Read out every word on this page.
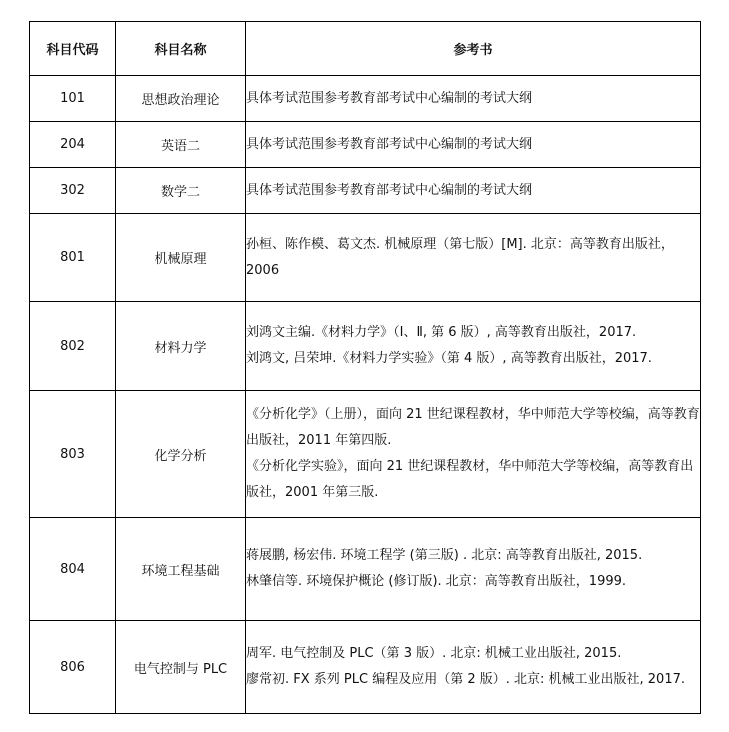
科目代码	科目名称	参考书
101	思想政治理论	具体考试范围参考教育部考试中心编制的考试大纲

204	英语二	具体考试范围参考教育部考试中心编制的考试大纲

302	数学二	具体考试范围参考教育部考试中心编制的考试大纲

801	机械原理	孙桓、陈作模、葛文杰. 机械原理（第七版）[M]. 北京：高等教育出版社，2006

802	材料力学	刘鸿文主编.《材料力学》（Ⅰ、Ⅱ, 第 6 版）, 高等教育出版社，2017.
刘鸿文, 吕荣坤.《材料力学实验》（第 4 版）, 高等教育出版社，2017.

803	化学分析	《分析化学》（上册），面向 21 世纪课程教材，华中师范大学等校编，高等教育出版社，2011 年第四版.
《分析化学实验》，面向 21 世纪课程教材，华中师范大学等校编，高等教育出版社，2001 年第三版.

804	环境工程基础	蒋展鹏, 杨宏伟. 环境工程学 (第三版) . 北京: 高等教育出版社, 2015.
林肇信等. 环境保护概论 (修订版). 北京：高等教育出版社，1999.

806	电气控制与 PLC	周军. 电气控制及 PLC（第 3 版）. 北京: 机械工业出版社, 2015.
廖常初. FX 系列 PLC 编程及应用（第 2 版）. 北京: 机械工业出版社, 2017.
